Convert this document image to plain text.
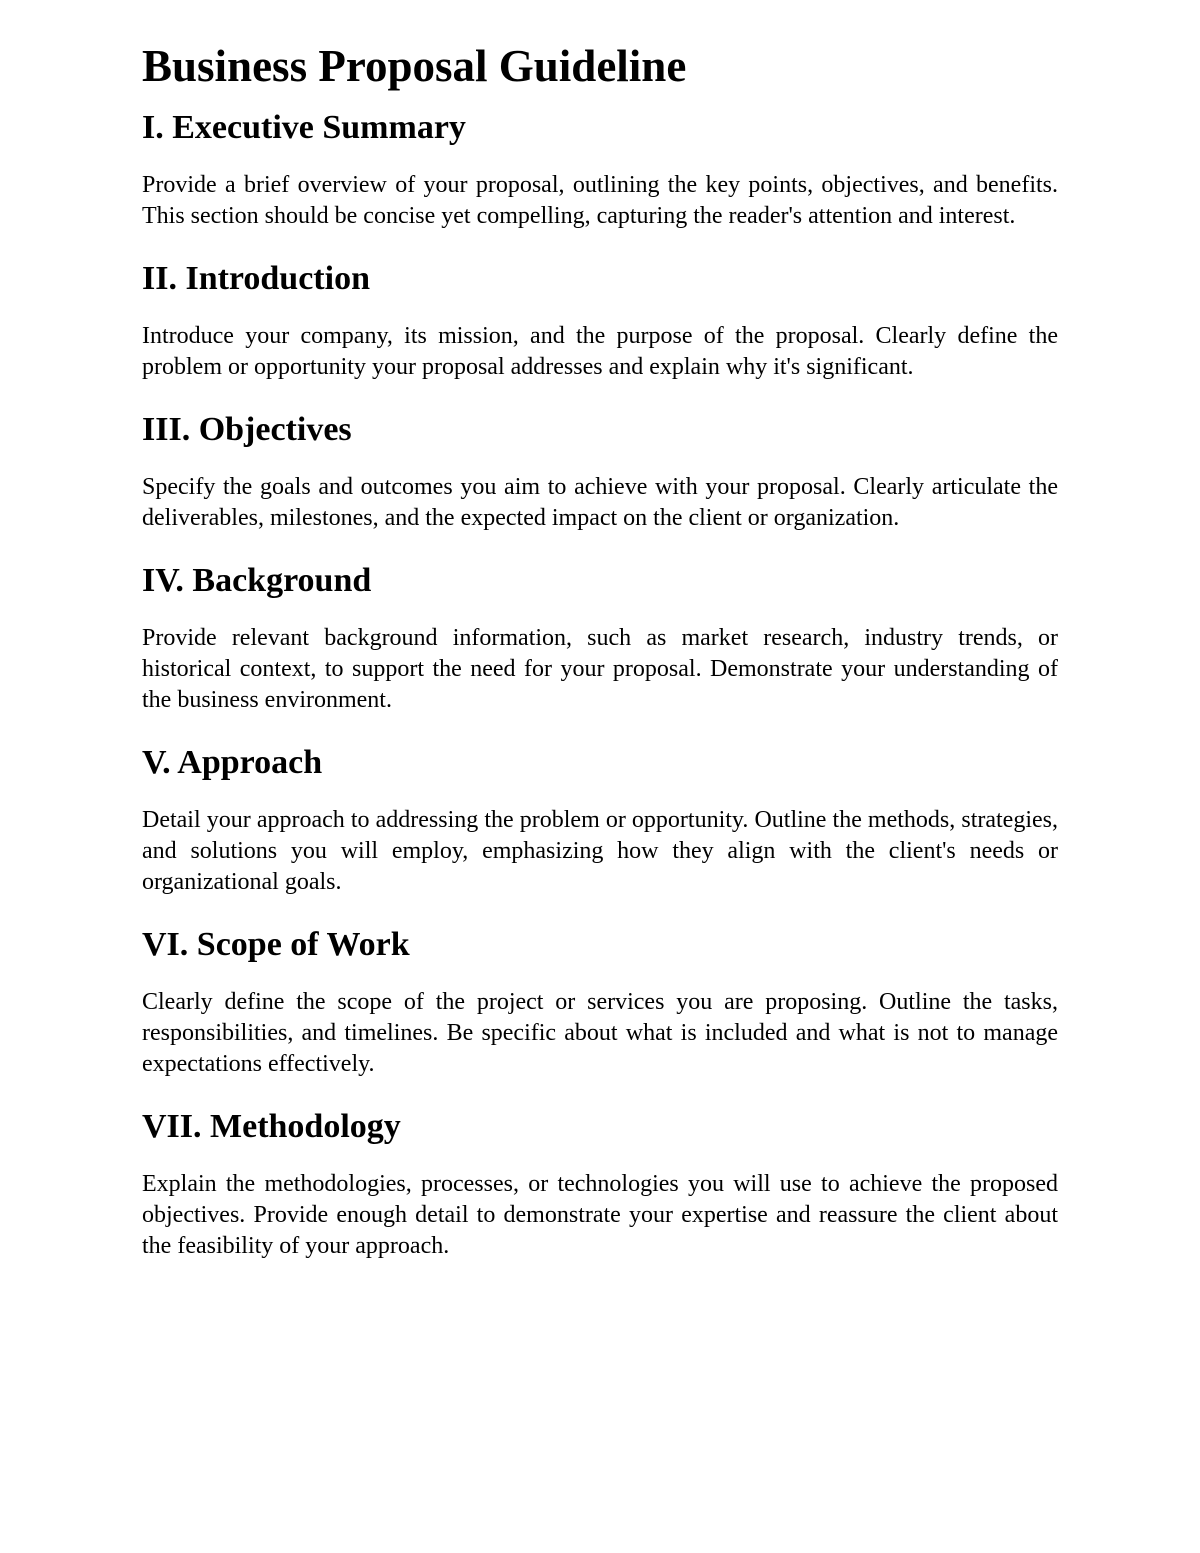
Business Proposal Guideline
I. Executive Summary

Provide a brief overview of your proposal, outlining the key points, objectives, and benefits. This section should be concise yet compelling, capturing the reader's attention and interest.

II. Introduction

Introduce your company, its mission, and the purpose of the proposal. Clearly define the problem or opportunity your proposal addresses and explain why it's significant.

III. Objectives

Specify the goals and outcomes you aim to achieve with your proposal. Clearly articulate the deliverables, milestones, and the expected impact on the client or organization.

IV. Background

Provide relevant background information, such as market research, industry trends, or historical context, to support the need for your proposal. Demonstrate your understanding of the business environment.

V. Approach

Detail your approach to addressing the problem or opportunity. Outline the methods, strategies, and solutions you will employ, emphasizing how they align with the client's needs or organizational goals.

VI. Scope of Work

Clearly define the scope of the project or services you are proposing. Outline the tasks, responsibilities, and timelines. Be specific about what is included and what is not to manage expectations effectively.

VII. Methodology

Explain the methodologies, processes, or technologies you will use to achieve the proposed objectives. Provide enough detail to demonstrate your expertise and reassure the client about the feasibility of your approach.
